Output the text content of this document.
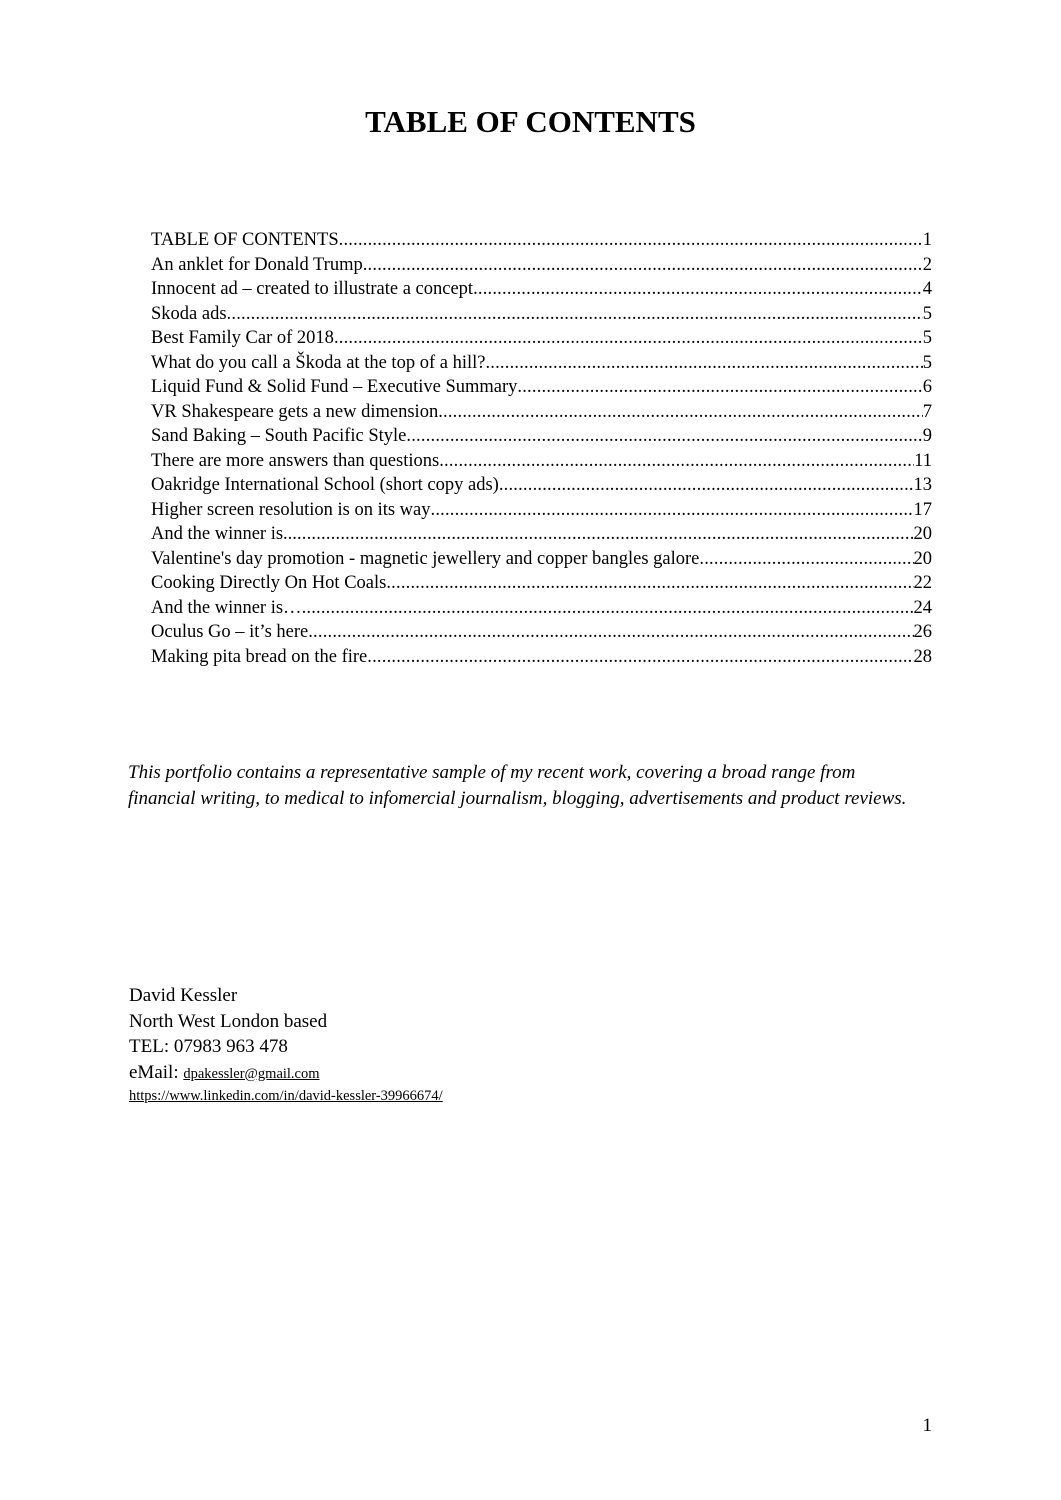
TABLE OF CONTENTS
TABLE OF CONTENTS .....	1
An anklet for Donald Trump .....	2
Innocent ad – created to illustrate a concept .....	4
Skoda ads .....	5
Best Family Car of 2018 .....	5
What do you call a Škoda at the top of a hill? .....	5
Liquid Fund & Solid Fund – Executive Summary .....	6
VR Shakespeare gets a new dimension .....	7
Sand Baking – South Pacific Style .....	9
There are more answers than questions .....	11
Oakridge International School (short copy ads) .....	13
Higher screen resolution is on its way .....	17
And the winner is... .....	20
Valentine's day promotion - magnetic jewellery and copper bangles galore .....	20
Cooking Directly On Hot Coals .....	22
And the winner is… .....	24
Oculus Go – it’s here .....	26
Making pita bread on the fire .....	28

This portfolio contains a representative sample of my recent work, covering a broad range from financial writing, to medical to infomercial journalism, blogging, advertisements and product reviews.

David Kessler
North West London based
TEL: 07983 963 478
eMail: dpakessler@gmail.com
https://www.linkedin.com/in/david-kessler-39966674/
1
